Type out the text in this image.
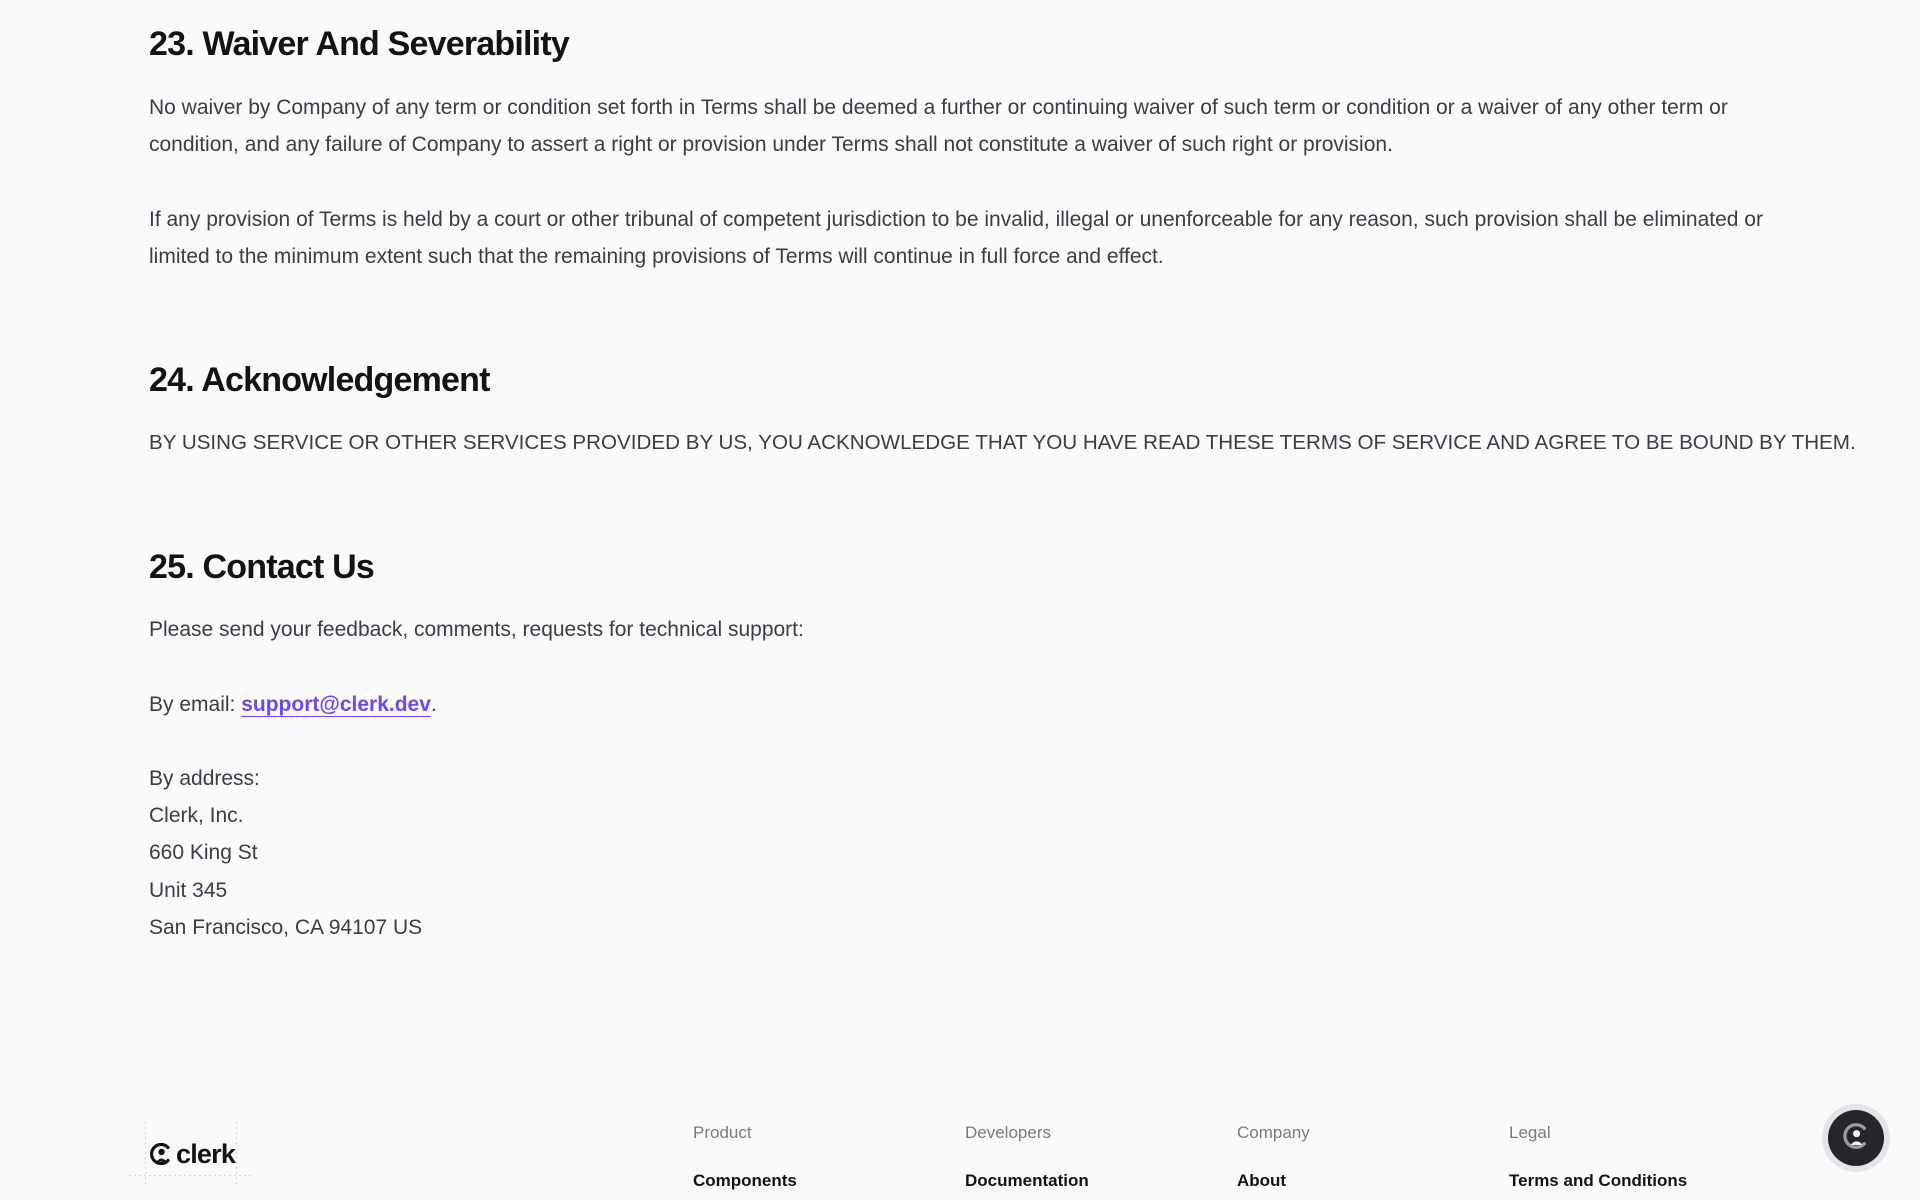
23. Waiver And Severability

No waiver by Company of any term or condition set forth in Terms shall be deemed a further or continuing waiver of such term or condition or a waiver of any other term or condition, and any failure of Company to assert a right or provision under Terms shall not constitute a waiver of such right or provision.

If any provision of Terms is held by a court or other tribunal of competent jurisdiction to be invalid, illegal or unenforceable for any reason, such provision shall be eliminated or limited to the minimum extent such that the remaining provisions of Terms will continue in full force and effect.

24. Acknowledgement

BY USING SERVICE OR OTHER SERVICES PROVIDED BY US, YOU ACKNOWLEDGE THAT YOU HAVE READ THESE TERMS OF SERVICE AND AGREE TO BE BOUND BY THEM.

25. Contact Us

Please send your feedback, comments, requests for technical support:

By email: support@clerk.dev.

By address:

Clerk, Inc.

660 King St

Unit 345

San Francisco, CA 94107 US

clerk
Product
Components
Developers
Documentation
Company
About
Legal
Terms and Conditions
